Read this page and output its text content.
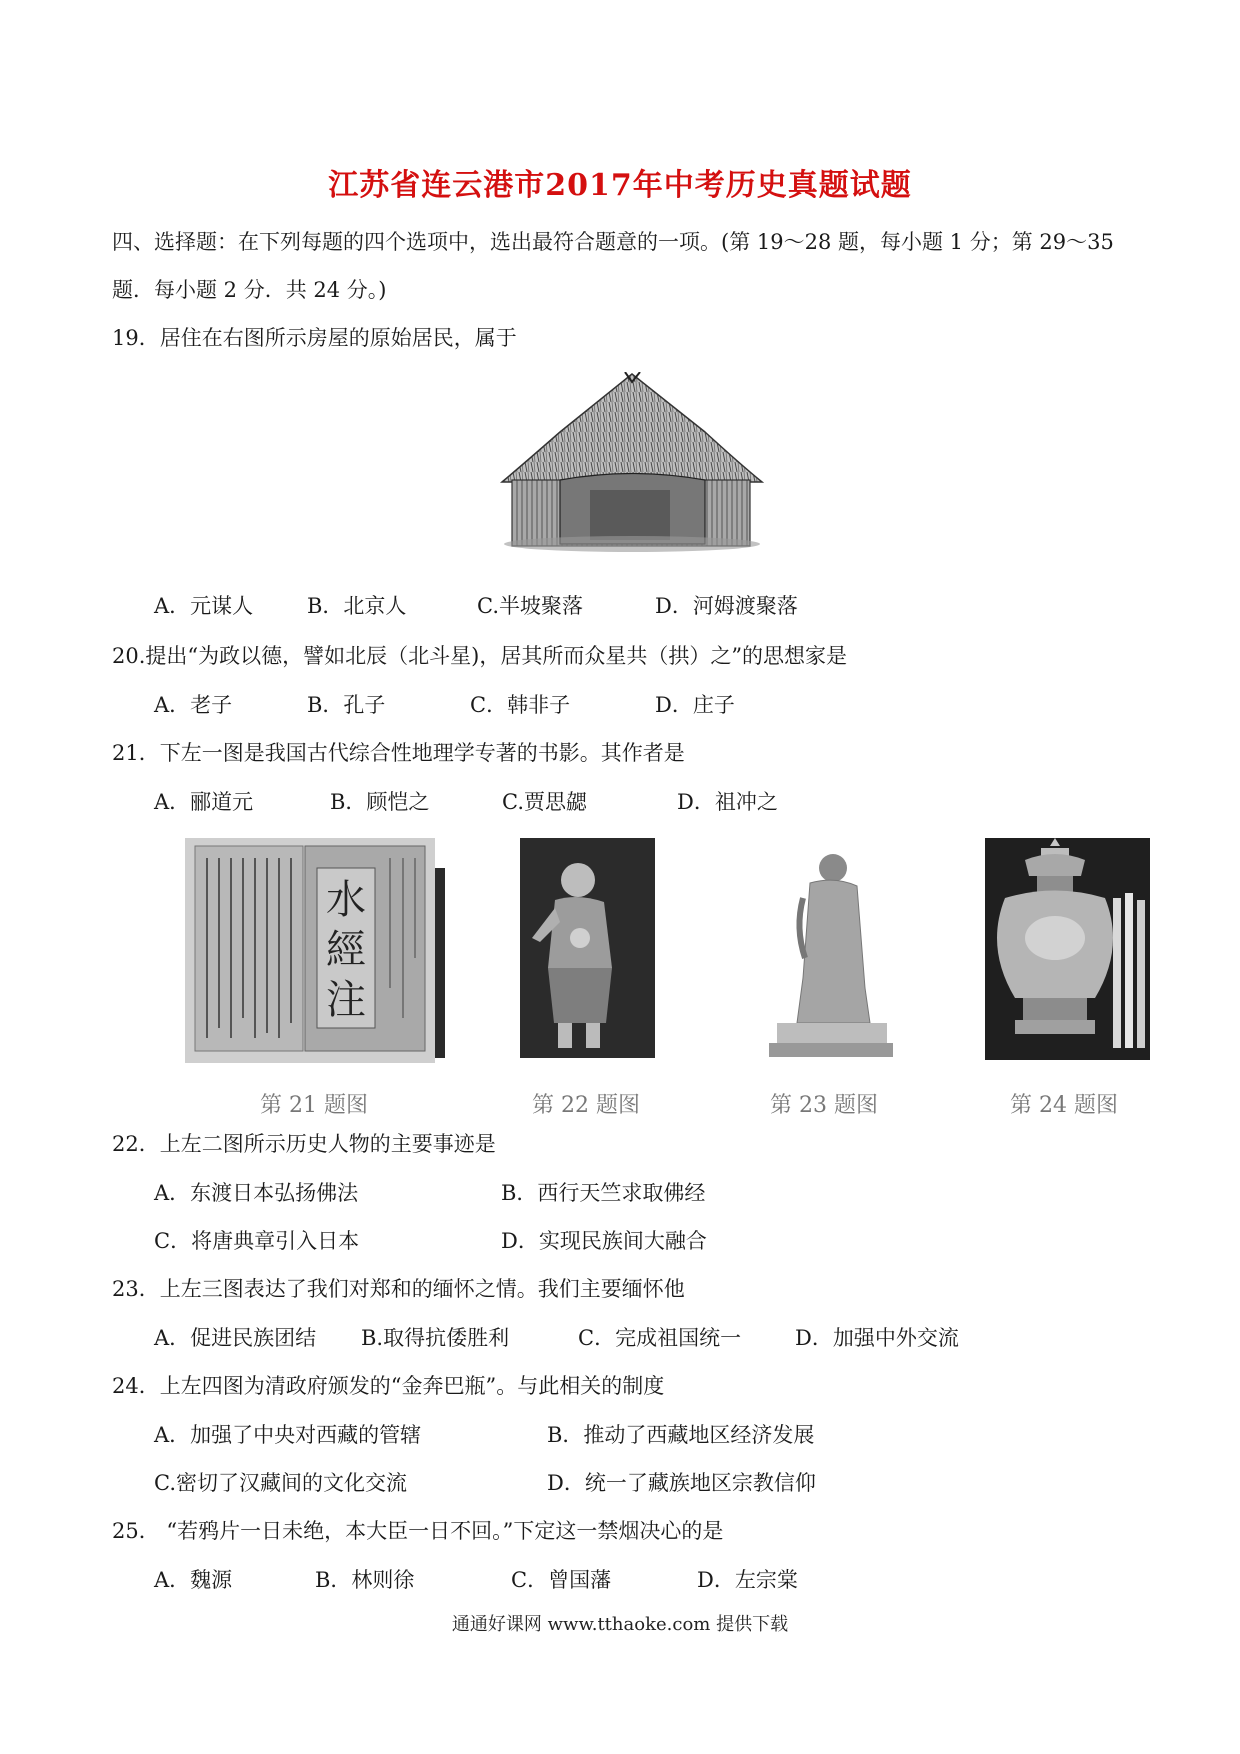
江苏省连云港市2017年中考历史真题试题
四、选择题：在下列每题的四个选项中，选出最符合题意的一项。(第 19～28 题，每小题 1 分；第 29～35
题．每小题 2 分．共 24 分。)
19．居住在右图所示房屋的原始居民，属于
A．元谋人	B．北京人	C.半坡聚落	D．河姆渡聚落
20.提出“为政以德，譬如北辰（北斗星)，居其所而众星共（拱）之”的思想家是
A．老子	B．孔子	C．韩非子	D．庄子
21．下左一图是我国古代综合性地理学专著的书影。其作者是
A．郦道元	B．顾恺之	C.贾思勰	D．祖冲之
水
經
注
第 21 题图	第 22 题图	第 23 题图	第 24 题图
22．上左二图所示历史人物的主要事迹是
A．东渡日本弘扬佛法	B．西行天竺求取佛经
C．将唐典章引入日本	D．实现民族间大融合
23．上左三图表达了我们对郑和的缅怀之情。我们主要缅怀他
A．促进民族团结 B.取得抗倭胜利	C．完成祖国统一	D．加强中外交流
24．上左四图为清政府颁发的“金奔巴瓶”。与此相关的制度
A．加强了中央对西藏的管辖	B．推动了西藏地区经济发展
C.密切了汉藏间的文化交流	D．统一了藏族地区宗教信仰
25． “若鸦片一日未绝，本大臣一日不回。”下定这一禁烟决心的是
A．魏源	B．林则徐	C．曾国藩	D．左宗棠
通通好课网 www.tthaoke.com 提供下载
